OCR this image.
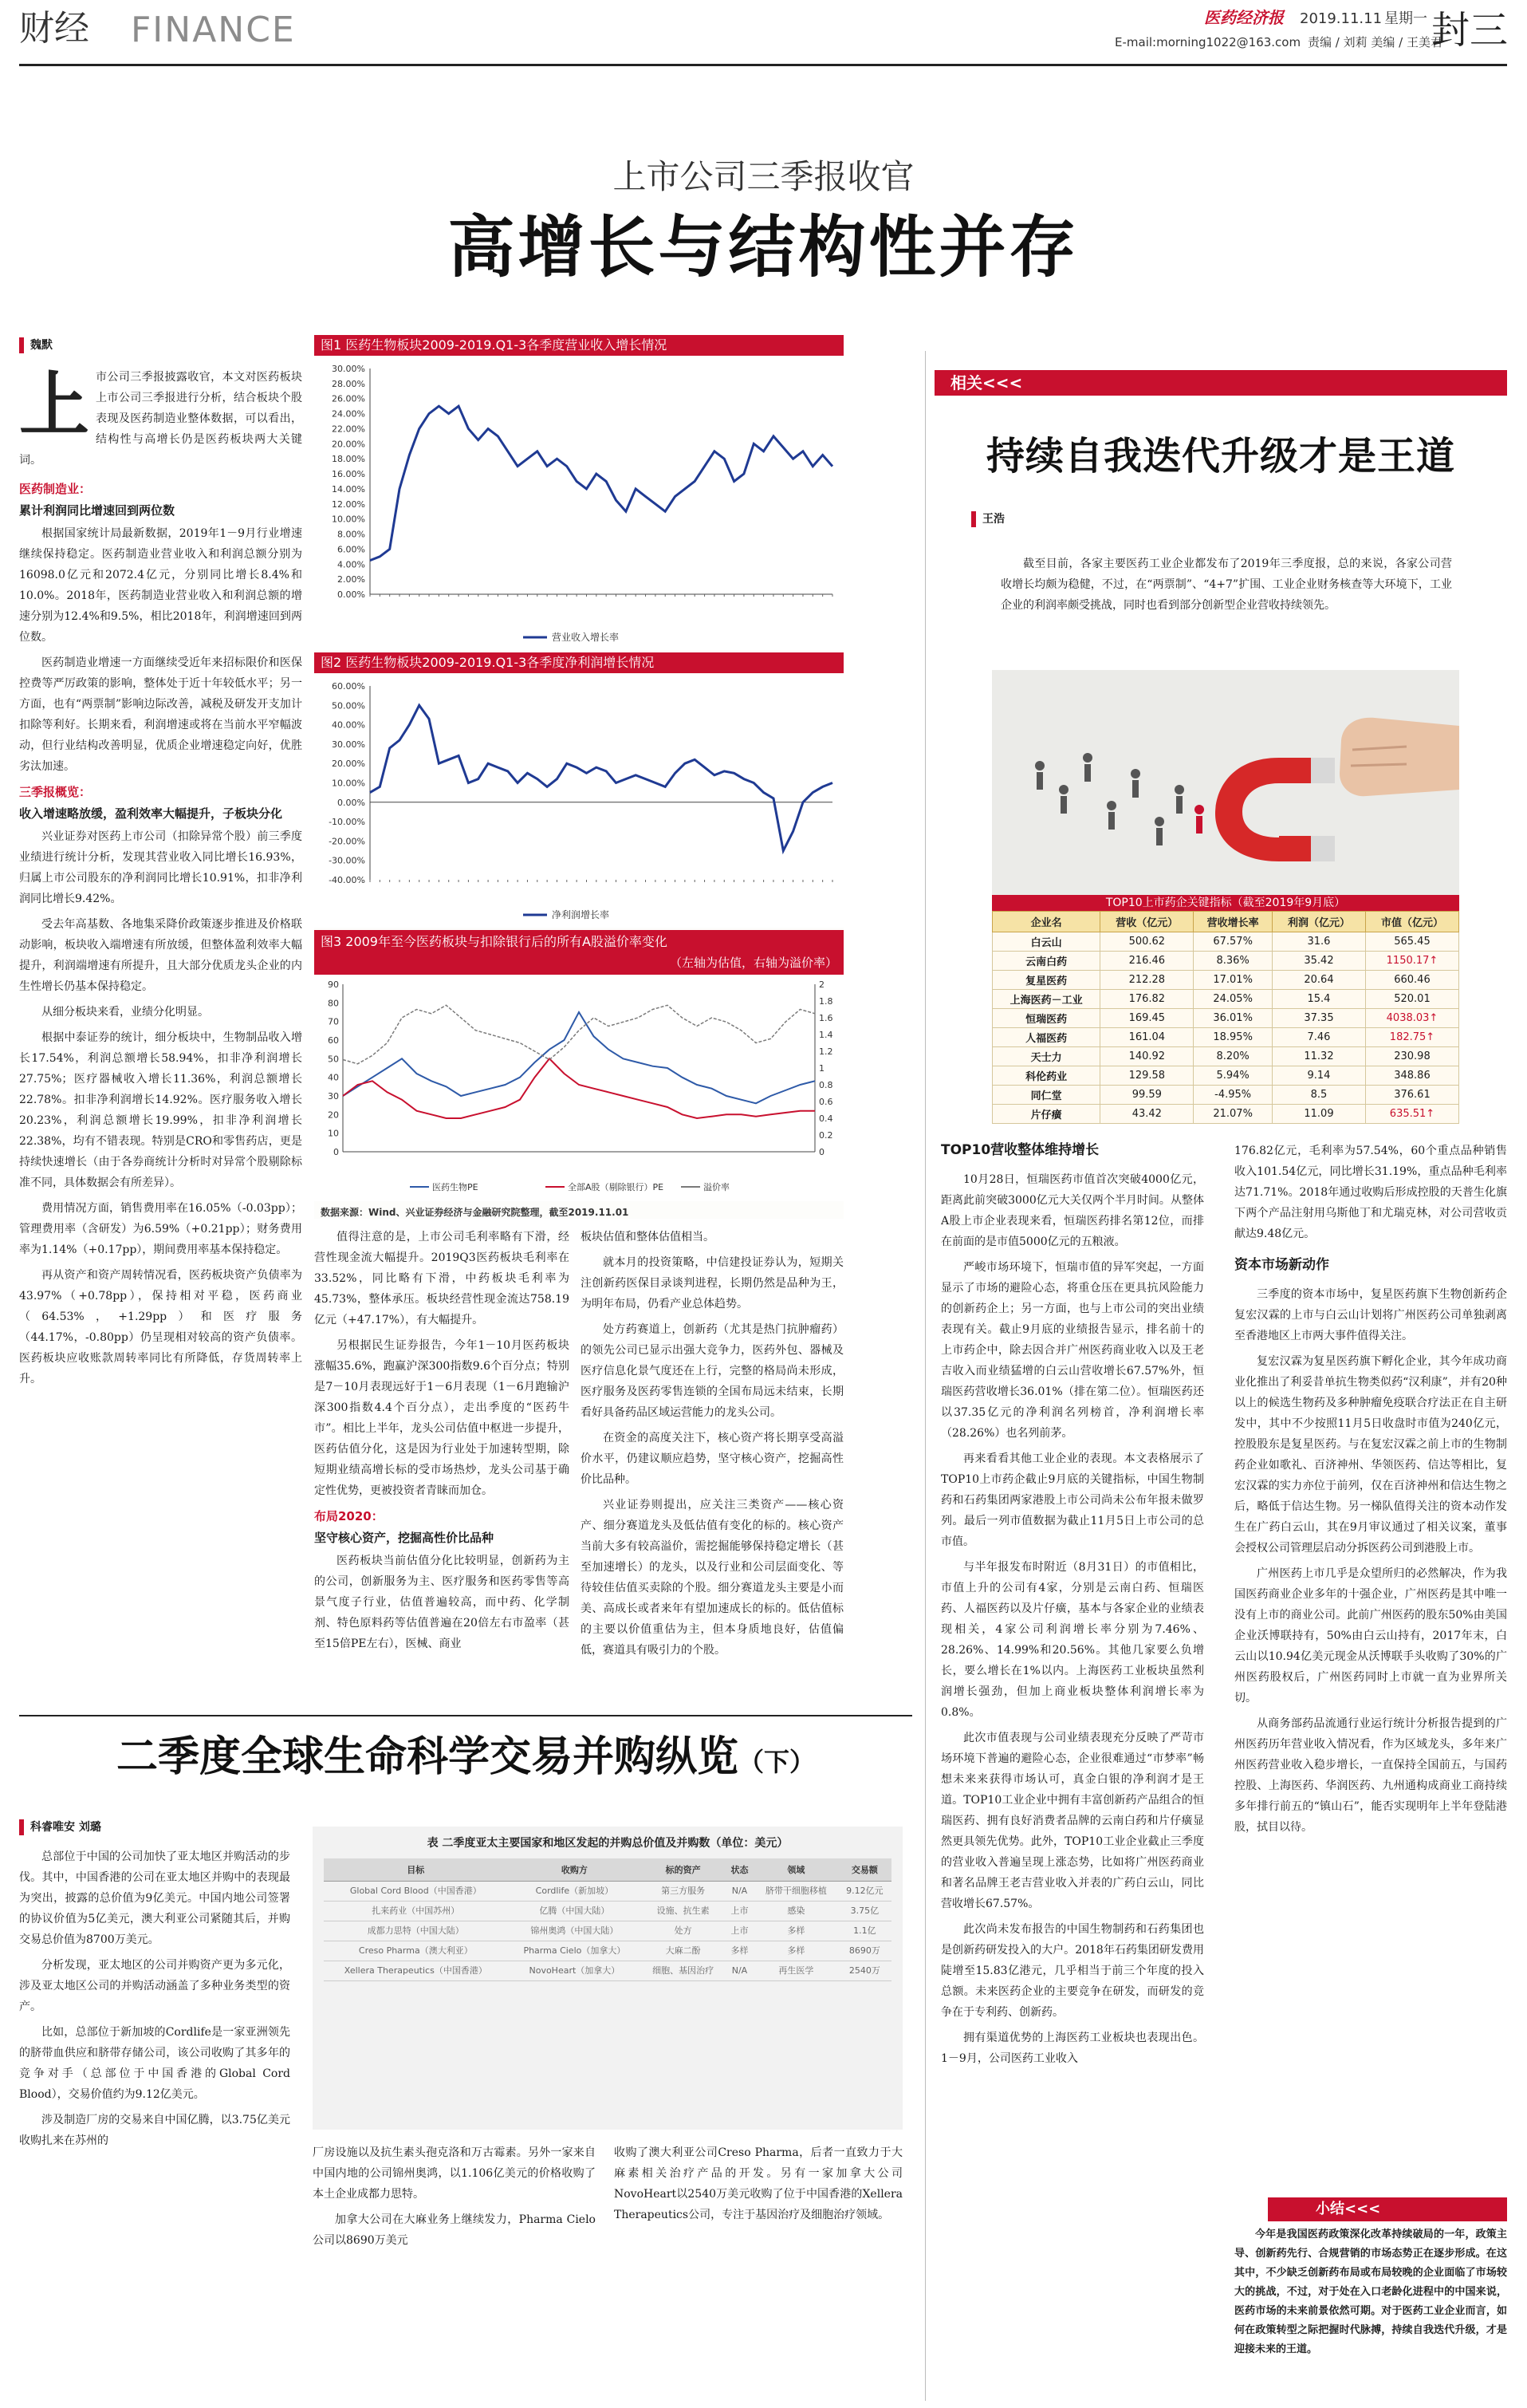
财经 FINANCE	医药经济报 2019.11.11 星期一
E-mail:morning1022@163.com 责编 / 刘莉 美编 / 王美君
封三
上市公司三季报收官
高增长与结构性并存
魏默
上 市公司三季报披露收官，本文对医药板块上市公司三季报进行分析，结合板块个股表现及医药制造业整体数据，可以看出，结构性与高增长仍是医药板块两大关键词。
医药制造业：
累计利润同比增速回到两位数

根据国家统计局最新数据，2019年1－9月行业增速继续保持稳定。医药制造业营业收入和利润总额分别为16098.0亿元和2072.4亿元，分别同比增长8.4%和10.0%。2018年，医药制造业营业收入和利润总额的增速分别为12.4%和9.5%，相比2018年，利润增速回到两位数。

医药制造业增速一方面继续受近年来招标限价和医保控费等严厉政策的影响，整体处于近十年较低水平；另一方面，也有“两票制”影响边际改善，减税及研发开支加计扣除等利好。长期来看，利润增速或将在当前水平窄幅波动，但行业结构改善明显，优质企业增速稳定向好，优胜劣汰加速。

三季报概览：
收入增速略放缓，盈利效率大幅提升，子板块分化

兴业证券对医药上市公司（扣除异常个股）前三季度业绩进行统计分析，发现其营业收入同比增长16.93%，归属上市公司股东的净利润同比增长10.91%，扣非净利润同比增长9.42%。

受去年高基数、各地集采降价政策逐步推进及价格联动影响，板块收入端增速有所放缓，但整体盈利效率大幅提升，利润端增速有所提升，且大部分优质龙头企业的内生性增长仍基本保持稳定。

从细分板块来看，业绩分化明显。

根据中泰证券的统计，细分板块中，生物制品收入增长17.54%，利润总额增长58.94%，扣非净利润增长27.75%；医疗器械收入增长11.36%，利润总额增长22.78%。扣非净利润增长14.92%。医疗服务收入增长20.23%，利润总额增长19.99%，扣非净利润增长22.38%，均有不错表现。特别是CRO和零售药店，更是持续快速增长（由于各券商统计分析时对异常个股剔除标准不同，具体数据会有所差异）。

费用情况方面，销售费用率在16.05%（-0.03pp）；管理费用率（含研发）为6.59%（+0.21pp）；财务费用率为1.14%（+0.17pp），期间费用率基本保持稳定。

再从资产和资产周转情况看，医药板块资产负债率为43.97%（+0.78pp），保持相对平稳，医药商业（64.53%，+1.29pp）和医疗服务（44.17%，-0.80pp）仍呈现相对较高的资产负债率。医药板块应收账款周转率同比有所降低，存货周转率上升。

图1 医药生物板块2009-2019.Q1-3各季度营业收入增长情况
30.00%
28.00%
26.00%
24.00%
22.00%
20.00%
18.00%
16.00%
14.00%
12.00%
10.00%
8.00%
6.00%
4.00%
2.00%
0.00%
营业收入增长率
图2 医药生物板块2009-2019.Q1-3各季度净利润增长情况
60.00%
50.00%
40.00%
30.00%
20.00%
10.00%
0.00%
-10.00%
-20.00%
-30.00%
-40.00%
净利润增长率
图3 2009年至今医药板块与扣除银行后的所有A股溢价率变化
（左轴为估值，右轴为溢价率）
90
80
70
60
50
40
30
20
10
0
2
1.8
1.6
1.4
1.2
1
0.8
0.6
0.4
0.2
0
医药生物PE	全部A股（剔除银行）PE	溢价率
数据来源：Wind、兴业证券经济与金融研究院整理，截至2019.11.01

值得注意的是，上市公司毛利率略有下滑，经营性现金流大幅提升。2019Q3医药板块毛利率在33.52%，同比略有下滑，中药板块毛利率为45.73%，整体承压。板块经营性现金流达758.19亿元（+47.17%），有大幅提升。

另根据民生证券报告，今年1－10月医药板块涨幅35.6%，跑赢沪深300指数9.6个百分点；特别是7－10月表现远好于1－6月表现（1－6月跑输沪深300指数4.4个百分点），走出季度的“医药牛市”。相比上半年，龙头公司估值中枢进一步提升，医药估值分化，这是因为行业处于加速转型期，除短期业绩高增长标的受市场热炒，龙头公司基于确定性优势，更被投资者青睐而加仓。

布局2020：
坚守核心资产，挖掘高性价比品种

医药板块当前估值分化比较明显，创新药为主的公司，创新服务为主、医疗服务和医药零售等高景气度子行业，估值普遍较高，而中药、化学制剂、特色原料药等估值普遍在20倍左右市盈率（甚至15倍PE左右），医械、商业

板块估值和整体估值相当。

就本月的投资策略，中信建投证券认为，短期关注创新药医保目录谈判进程，长期仍然是品种为王，为明年布局，仍看产业总体趋势。

处方药赛道上，创新药（尤其是热门抗肿瘤药）的领先公司已显示出强大竞争力，医药外包、器械及医疗信息化景气度还在上行，完整的格局尚未形成，医疗服务及医药零售连锁的全国布局远未结束，长期看好具备药品区域运营能力的龙头公司。

在资金的高度关注下，核心资产将长期享受高溢价水平，仍建议顺应趋势，坚守核心资产，挖掘高性价比品种。

兴业证券则提出，应关注三类资产——核心资产、细分赛道龙头及低估值有变化的标的。核心资产当前大多有较高溢价，需挖掘能够保持稳定增长（甚至加速增长）的龙头，以及行业和公司层面变化、等待较佳估值买卖除的个股。细分赛道龙头主要是小而美、高成长或者来年有望加速成长的标的。低估值标的主要以价值重估为主，但本身质地良好，估值偏低，赛道具有吸引力的个股。

相关<<<
持续自我迭代升级才是王道
王浩

截至目前，各家主要医药工业企业都发布了2019年三季度报，总的来说，各家公司营收增长均颇为稳健，不过，在“两票制”、“4+7”扩围、工业企业财务核查等大环境下，工业企业的利润率颇受挑战，同时也看到部分创新型企业营收持续领先。

TOP10上市药企关键指标（截至2019年9月底）
企业名	营收（亿元）	营收增长率	利润（亿元）	市值（亿元）
白云山	500.62	67.57%	31.6	565.45
云南白药	216.46	8.36%	35.42	1150.17↑
复星医药	212.28	17.01%	20.64	660.46
上海医药－工业	176.82	24.05%	15.4	520.01
恒瑞医药	169.45	36.01%	37.35	4038.03↑
人福医药	161.04	18.95%	7.46	182.75↑
天士力	140.92	8.20%	11.32	230.98
科伦药业	129.58	5.94%	9.14	348.86
同仁堂	99.59	-4.95%	8.5	376.61
片仔癀	43.42	21.07%	11.09	635.51↑
TOP10营收整体维持增长

10月28日，恒瑞医药市值首次突破4000亿元，距离此前突破3000亿元大关仅两个半月时间。从整体A股上市企业表现来看，恒瑞医药排名第12位，而排在前面的是市值5000亿元的五粮液。

严峻市场环境下，恒瑞市值的异军突起，一方面显示了市场的避险心态，将重仓压在更具抗风险能力的创新药企上；另一方面，也与上市公司的突出业绩表现有关。截止9月底的业绩报告显示，排名前十的上市药企中，除去因合并广州医药商业收入以及王老吉收入而业绩猛增的白云山营收增长67.57%外，恒瑞医药营收增长36.01%（排在第二位）。恒瑞医药还以37.35亿元的净利润名列榜首，净利润增长率（28.26%）也名列前茅。

再来看看其他工业企业的表现。本文表格展示了TOP10上市药企截止9月底的关键指标，中国生物制药和石药集团两家港股上市公司尚未公布年报未做罗列。最后一列市值数据为截止11月5日上市公司的总市值。

与半年报发布时附近（8月31日）的市值相比，市值上升的公司有4家，分别是云南白药、恒瑞医药、人福医药以及片仔癀，基本与各家企业的业绩表现相关，4家公司利润增长率分别为7.46%、28.26%、14.99%和20.56%。其他几家要么负增长，要么增长在1%以内。上海医药工业板块虽然利润增长强劲，但加上商业板块整体利润增长率为0.8%。

此次市值表现与公司业绩表现充分反映了严苛市场环境下普遍的避险心态，企业很难通过“市梦率”畅想未来来获得市场认可，真金白银的净利润才是王道。TOP10工业企业中拥有丰富创新药产品组合的恒瑞医药、拥有良好消费者品牌的云南白药和片仔癀显然更具领先优势。此外，TOP10工业企业截止三季度的营业收入普遍呈现上涨态势，比如将广州医药商业和著名品牌王老吉营业收入并表的广药白云山，同比营收增长67.57%。

此次尚未发布报告的中国生物制药和石药集团也是创新药研发投入的大户。2018年石药集团研发费用陡增至15.83亿港元，几乎相当于前三个年度的投入总额。未来医药企业的主要竞争在研发，而研发的竞争在于专利药、创新药。

拥有渠道优势的上海医药工业板块也表现出色。1－9月，公司医药工业收入

176.82亿元，毛利率为57.54%，60个重点品种销售收入101.54亿元，同比增长31.19%，重点品种毛利率达71.71%。2018年通过收购后形成控股的天普生化旗下两个产品注射用乌斯他丁和尤瑞克林，对公司营收贡献达9.48亿元。

资本市场新动作

三季度的资本市场中，复星医药旗下生物创新药企复宏汉霖的上市与白云山计划将广州医药公司单独剥离至香港地区上市两大事件值得关注。

复宏汉霖为复星医药旗下孵化企业，其今年成功商业化推出了利妥昔单抗生物类似药“汉利康”，并有20种以上的候选生物药及多种肿瘤免疫联合疗法正在自主研发中，其中不少按照11月5日收盘时市值为240亿元，控股股东是复星医药。与在复宏汉霖之前上市的生物制药企业如歌礼、百济神州、华领医药、信达等相比，复宏汉霖的实力亦位于前列，仅在百济神州和信达生物之后，略低于信达生物。另一梯队值得关注的资本动作发生在广药白云山，其在9月审议通过了相关议案，董事会授权公司管理层启动分拆医药公司到港股上市。

广州医药上市几乎是众望所归的必然解决，作为我国医药商业企业多年的十强企业，广州医药是其中唯一没有上市的商业公司。此前广州医药的股东50%由美国企业沃博联持有，50%由白云山持有，2017年末，白云山以10.94亿美元现金从沃博联手头收购了30%的广州医药股权后，广州医药同时上市就一直为业界所关切。

从商务部药品流通行业运行统计分析报告提到的广州医药历年营业收入情况看，作为区域龙头，多年来广州医药营业收入稳步增长，一直保持全国前五，与国药控股、上海医药、华润医药、九州通构成商业工商持续多年排行前五的“镇山石”，能否实现明年上半年登陆港股，拭目以待。

小结<<<

今年是我国医药政策深化改革持续破局的一年，政策主导、创新药先行、合规营销的市场态势正在逐步形成。在这其中，不少缺乏创新药布局或布局较晚的企业面临了市场较大的挑战，不过，对于处在入口老龄化进程中的中国来说，医药市场的未来前景依然可期。对于医药工业企业而言，如何在政策转型之际把握时代脉搏，持续自我迭代升级，才是迎接未来的王道。

二季度全球生命科学交易并购纵览（下）
科睿唯安 刘璐

总部位于中国的公司加快了亚太地区并购活动的步伐。其中，中国香港的公司在亚太地区并购中的表现最为突出，披露的总价值为9亿美元。中国内地公司签署的协议价值为5亿美元，澳大利亚公司紧随其后，并购交易总价值为8700万美元。

分析发现，亚太地区的公司并购资产更为多元化，涉及亚太地区公司的并购活动涵盖了多种业务类型的资产。

比如，总部位于新加坡的Cordlife是一家亚洲领先的脐带血供应和脐带存储公司，该公司收购了其多年的竞争对手（总部位于中国香港的Global Cord Blood），交易价值约为9.12亿美元。

涉及制造厂房的交易来自中国亿腾，以3.75亿美元收购扎来在苏州的

表 二季度亚太主要国家和地区发起的并购总价值及并购数（单位：美元）
目标	收购方	标的资产	状态	领域	交易额
Global Cord Blood（中国香港）	Cordlife（新加坡）	第三方服务	N/A	脐带干细胞移植	9.12亿元
扎来药业（中国苏州）	亿腾（中国大陆）	设施、抗生素	上市	感染	3.75亿
成都力思特（中国大陆）	锦州奥鸿（中国大陆）	处方	上市	多样	1.1亿
Creso Pharma（澳大利亚）	Pharma Cielo（加拿大）	大麻二酚	多样	多样	8690万
Xellera Therapeutics（中国香港）	NovoHeart（加拿大）	细胞、基因治疗	N/A	再生医学	2540万

厂房设施以及抗生素头孢克洛和万古霉素。另外一家来自中国内地的公司锦州奥鸿，以1.106亿美元的价格收购了本土企业成都力思特。

加拿大公司在大麻业务上继续发力，Pharma Cielo公司以8690万美元

收购了澳大利亚公司Creso Pharma，后者一直致力于大麻素相关治疗产品的开发。另有一家加拿大公司NovoHeart以2540万美元收购了位于中国香港的Xellera Therapeutics公司，专注于基因治疗及细胞治疗领域。
